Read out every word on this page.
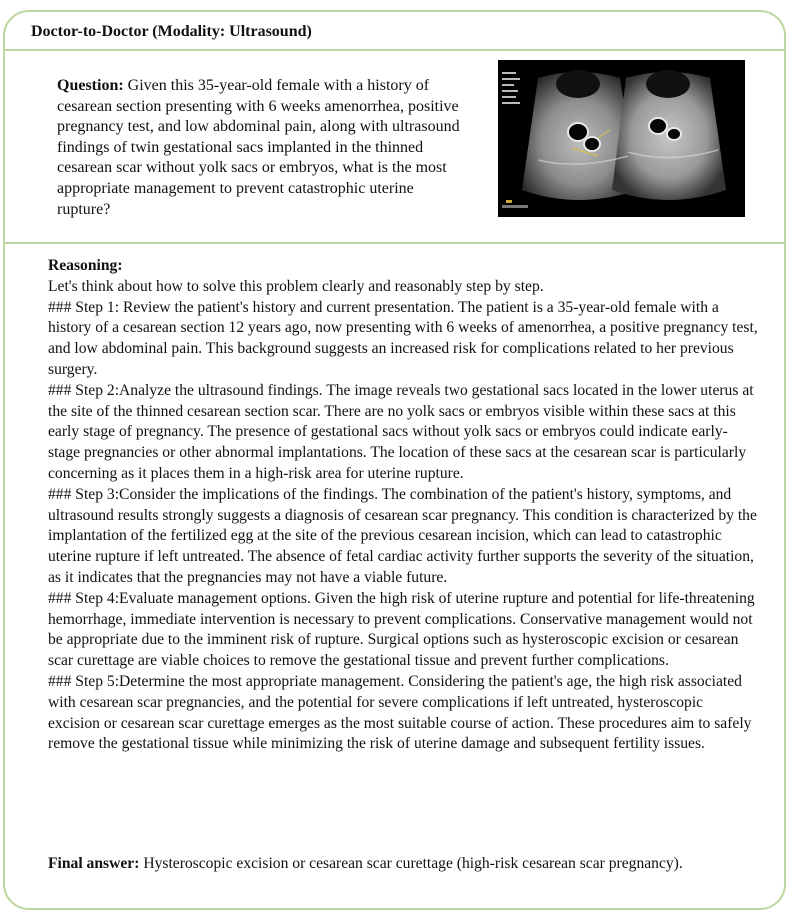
Doctor-to-Doctor (Modality: Ultrasound)
Question: Given this 35-year-old female with a history of cesarean section presenting with 6 weeks amenorrhea, positive pregnancy test, and low abdominal pain, along with ultrasound findings of twin gestational sacs implanted in the thinned cesarean scar without yolk sacs or embryos, what is the most appropriate management to prevent catastrophic uterine rupture?
Reasoning:

Let's think about how to solve this problem clearly and reasonably step by step.

### Step 1: Review the patient's history and current presentation. The patient is a 35-year-old female with a history of a cesarean section 12 years ago, now presenting with 6 weeks of amenorrhea, a positive pregnancy test, and low abdominal pain. This background suggests an increased risk for complications related to her previous surgery.

### Step 2:Analyze the ultrasound findings. The image reveals two gestational sacs located in the lower uterus at the site of the thinned cesarean section scar. There are no yolk sacs or embryos visible within these sacs at this early stage of pregnancy. The presence of gestational sacs without yolk sacs or embryos could indicate early-stage pregnancies or other abnormal implantations. The location of these sacs at the cesarean scar is particularly concerning as it places them in a high-risk area for uterine rupture.

### Step 3:Consider the implications of the findings. The combination of the patient's history, symptoms, and ultrasound results strongly suggests a diagnosis of cesarean scar pregnancy. This condition is characterized by the implantation of the fertilized egg at the site of the previous cesarean incision, which can lead to catastrophic uterine rupture if left untreated. The absence of fetal cardiac activity further supports the severity of the situation, as it indicates that the pregnancies may not have a viable future.

### Step 4:Evaluate management options. Given the high risk of uterine rupture and potential for life-threatening hemorrhage, immediate intervention is necessary to prevent complications. Conservative management would not be appropriate due to the imminent risk of rupture. Surgical options such as hysteroscopic excision or cesarean scar curettage are viable choices to remove the gestational tissue and prevent further complications.

### Step 5:Determine the most appropriate management. Considering the patient's age, the high risk associated with cesarean scar pregnancies, and the potential for severe complications if left untreated, hysteroscopic excision or cesarean scar curettage emerges as the most suitable course of action. These procedures aim to safely remove the gestational tissue while minimizing the risk of uterine damage and subsequent fertility issues.

Final answer: Hysteroscopic excision or cesarean scar curettage (high-risk cesarean scar pregnancy).
